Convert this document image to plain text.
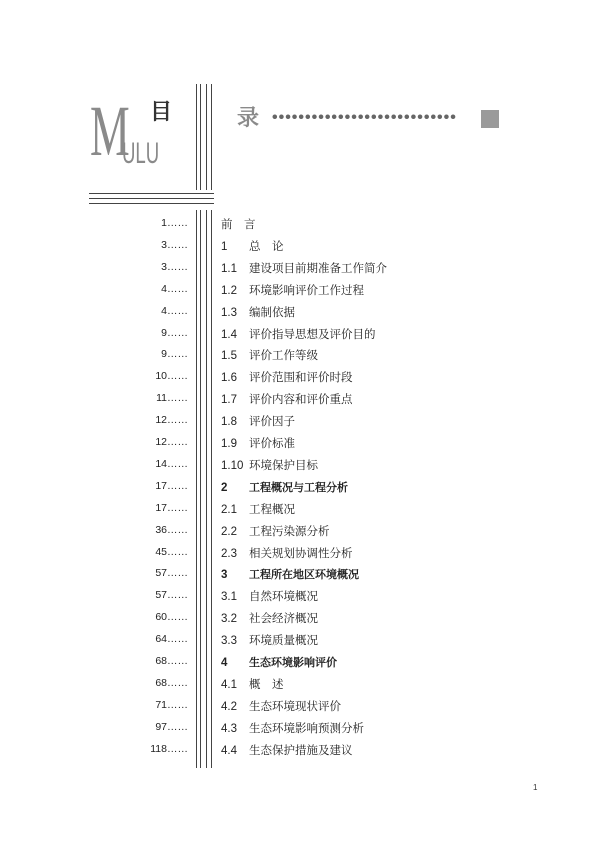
M 目
ULU
录 ••••••••••••••••••••••••••••
1……	前　言
3……	1 总　论
3……	1.1 建设项目前期准备工作简介
4……	1.2 环境影响评价工作过程
4……	1.3 编制依据
9……	1.4 评价指导思想及评价目的
9……	1.5 评价工作等级
10……	1.6 评价范围和评价时段
11……	1.7 评价内容和评价重点
12……	1.8 评价因子
12……	1.9 评价标准
14……	1.10 环境保护目标
17……	2 工程概况与工程分析
17……	2.1 工程概况
36……	2.2 工程污染源分析
45……	2.3 相关规划协调性分析
57……	3 工程所在地区环境概况
57……	3.1 自然环境概况
60……	3.2 社会经济概况
64……	3.3 环境质量概况
68……	4 生态环境影响评价
68……	4.1 概　述
71……	4.2 生态环境现状评价
97……	4.3 生态环境影响预测分析
118……	4.4 生态保护措施及建议
1
